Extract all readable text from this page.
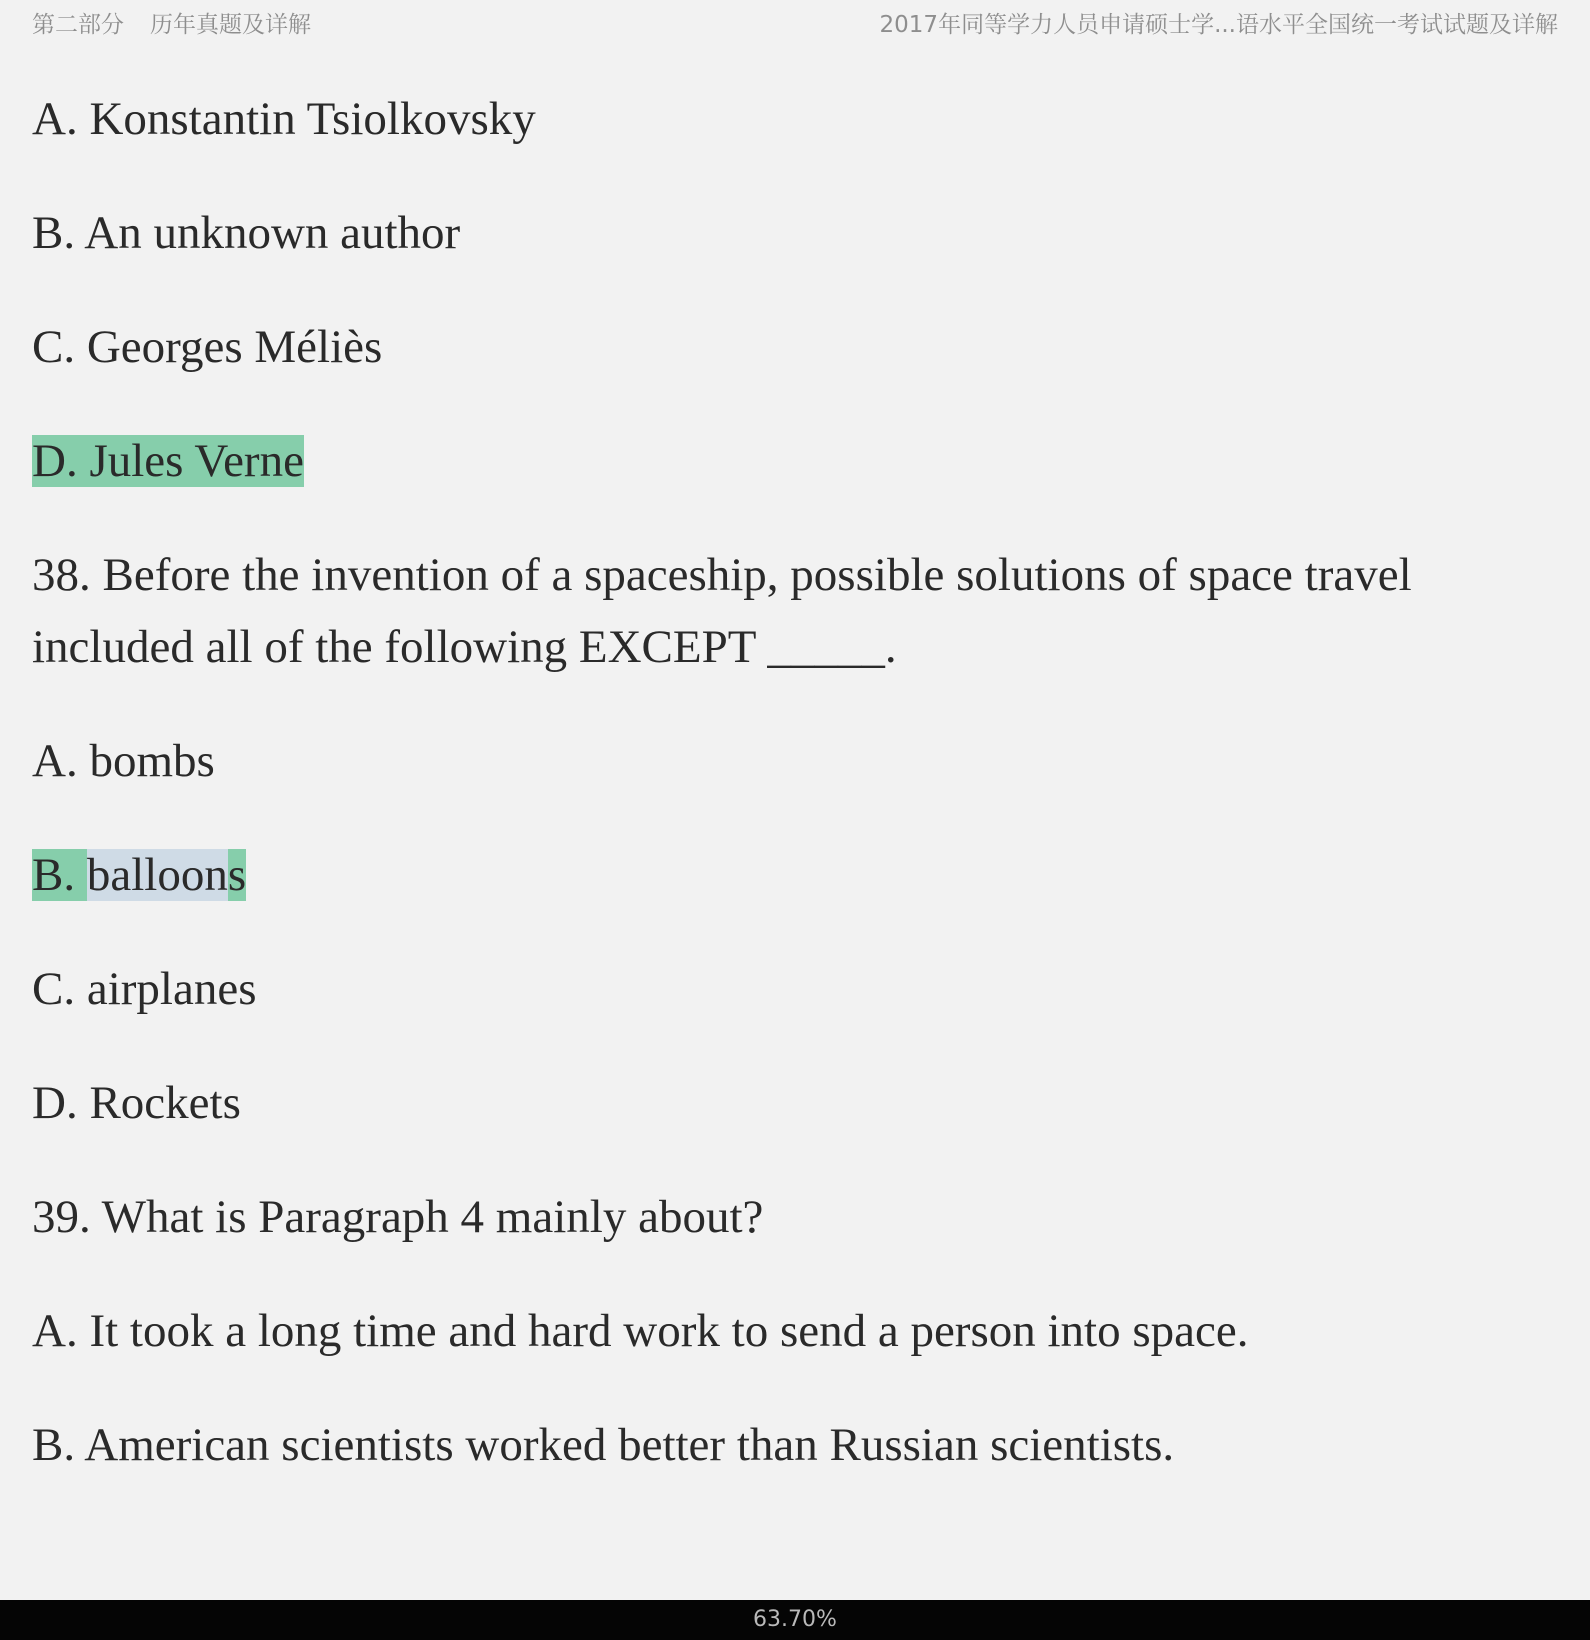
第二部分 历年真题及详解	2017年同等学力人员申请硕士学...语水平全国统一考试试题及详解
A. Konstantin Tsiolkovsky
B. An unknown author
C. Georges Méliès
D. Jules Verne
38. Before the invention of a spaceship, possible solutions of space travel
included all of the following EXCEPT _____.
A. bombs
B. balloons
C. airplanes
D. Rockets
39. What is Paragraph 4 mainly about?
A. It took a long time and hard work to send a person into space.
B. American scientists worked better than Russian scientists.
63.70%
